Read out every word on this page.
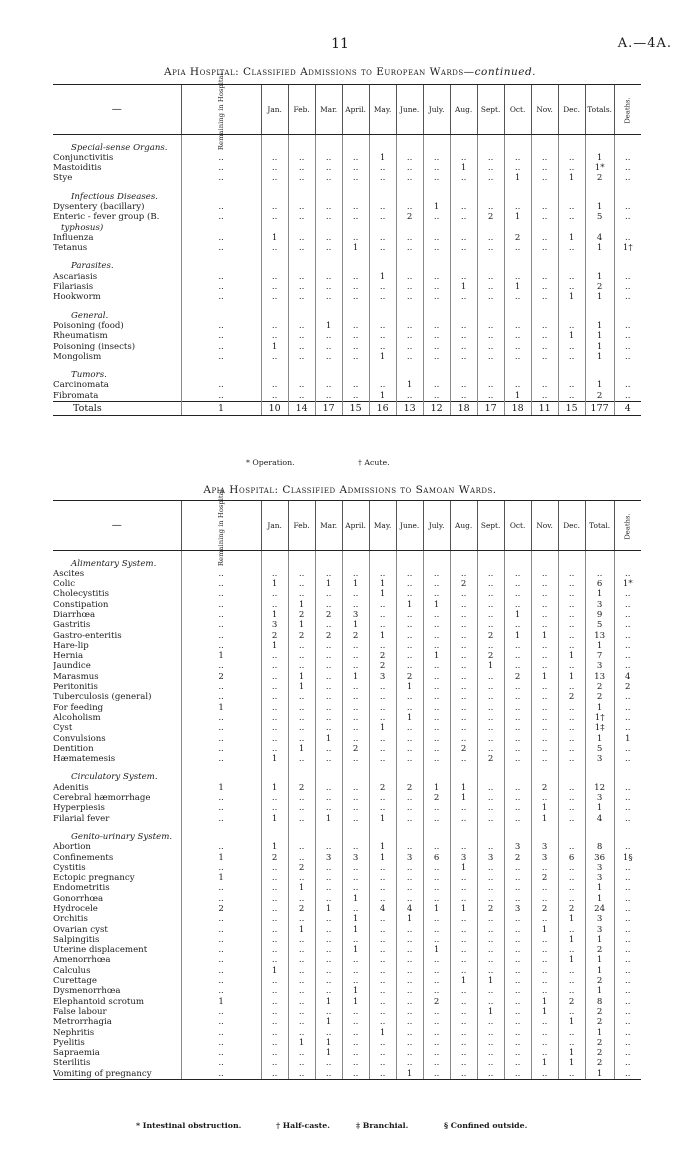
11	A.—4A.
Apia Hospital: Classified Admissions to European Wards—continued.
—	Remaining in Hospital.	Jan.	Feb.	Mar.	April.	May.	June.	July.	Aug.	Sept.	Oct.	Nov.	Dec.	Totals.	Deaths.

Special-sense Organs.															
Conjunctivitis	..	..	..	..	..	1	..	..	..	..	..	..	..	1	..
Mastoiditis	..	..	..	..	..	..	..	..	1	..	..	..	..	1*	..
Stye	..	..	..	..	..	..	..	..	..	..	1	..	1	2	..

Infectious Diseases.															
Dysentery (bacillary)	..	..	..	..	..	..	..	1	..	..	..	..	..	1	..
Enteric - fever group (B.	..	..	..	..	..	..	2	..	..	2	1	..	..	5	..
typhosus)															
Influenza	..	1	..	..	..	..	..	..	..	..	2	..	1	4	..
Tetanus	..	..	..	..	1	..	..	..	..	..	..	..	..	1	1†

Parasites.															
Ascariasis	..	..	..	..	..	1	..	..	..	..	..	..	..	1	..
Filariasis	..	..	..	..	..	..	..	..	1	..	1	..	..	2	..
Hookworm	..	..	..	..	..	..	..	..	..	..	..	..	1	1	..

General.															
Poisoning (food)	..	..	..	1	..	..	..	..	..	..	..	..	..	1	..
Rheumatism	..	..	..	..	..	..	..	..	..	..	..	..	1	1	..
Poisoning (insects)	..	1	..	..	..	..	..	..	..	..	..	..	..	1	..
Mongolism	..	..	..	..	..	1	..	..	..	..	..	..	..	1	..

Tumors.															
Carcinomata	..	..	..	..	..	..	1	..	..	..	..	..	..	1	..
Fibromata	..	..	..	..	..	1	..	..	..	..	1	..	..	2	..
Totals	1	10	14	17	15	16	13	12	18	17	18	11	15	177	4
* Operation.	† Acute.
Apia Hospital: Classified Admissions to Samoan Wards.
—	Remaining in Hospital.	Jan.	Feb.	Mar.	April.	May.	June.	July.	Aug.	Sept.	Oct.	Nov.	Dec.	Total.	Deaths.

Alimentary System.															
Ascites	..	..	..	..	..	..	..	..	..	..	..	..	..	..	..
Colic	..	1	..	1	1	1	..	..	2	..	..	..	..	6	1*
Cholecystitis	..	..	..	..	..	1	..	..	..	..	..	..	..	1	..
Constipation	..	..	1	..	..	..	1	1	..	..	..	..	..	3	..
Diarrhœa	..	1	2	2	3	..	..	..	..	..	1	..	..	9	..
Gastritis	..	3	1	..	1	..	..	..	..	..	..	..	..	5	..
Gastro-enteritis	..	2	2	2	2	1	..	..	..	2	1	1	..	13	..
Hare-lip	..	1	..	..	..	..	..	..	..	..	..	..	..	1	..
Hernia	1	..	..	..	..	2	..	1	..	2	..	..	1	7	..
Jaundice	..	..	..	..	..	2	..	..	..	1	..	..	..	3	..
Marasmus	2	..	1	..	1	3	2	..	..	..	2	1	1	13	4
Peritonitis	..	..	1	..	..	..	1	..	..	..	..	..	..	2	2
Tuberculosis (general)	..	..	..	..	..	..	..	..	..	..	..	..	2	2	..
For feeding	1	..	..	..	..	..	..	..	..	..	..	..	..	1	..
Alcoholism	..	..	..	..	..	..	1	..	..	..	..	..	..	1†	..
Cyst	..	..	..	..	..	1	..	..	..	..	..	..	..	1‡	..
Convulsions	..	..	..	1	..	..	..	..	..	..	..	..	..	1	1
Dentition	..	..	1	..	2	..	..	..	2	..	..	..	..	5	..
Hæmatemesis	..	1	..	..	..	..	..	..	..	2	..	..	..	3	..

Circulatory System.															
Adenitis	1	1	2	..	..	2	2	1	1	..	..	2	..	12	..
Cerebral hæmorrhage	..	..	..	..	..	..	..	2	1	..	..	..	..	3	..
Hyperpiesis	..	..	..	..	..	..	..	..	..	..	..	1	..	1	..
Filarial fever	..	1	..	1	..	1	..	..	..	..	..	1	..	4	..

Genito-urinary System.															
Abortion	..	1	..	..	..	1	..	..	..	..	3	3	..	8	..
Confinements	1	2	..	3	3	1	3	6	3	3	2	3	6	36	1§
Cystitis	..	..	2	..	..	..	..	..	1	..	..	..	..	3	..
Ectopic pregnancy	1	..	..	..	..	..	..	..	..	..	..	2	..	3	..
Endometritis	..	..	1	..	..	..	..	..	..	..	..	..	..	1	..
Gonorrhœa	..	..	..	..	1	..	..	..	..	..	..	..	..	1	..
Hydrocele	2	..	2	1	..	4	4	1	1	2	3	2	2	24	..
Orchitis	..	..	..	..	1	..	1	..	..	..	..	..	1	3	..
Ovarian cyst	..	..	1	..	1	..	..	..	..	..	..	1	..	3	..
Salpingitis	..	..	..	..	..	..	..	..	..	..	..	..	1	1	..
Uterine displacement	..	..	..	..	1	..	..	1	..	..	..	..	..	2	..
Amenorrhœa	..	..	..	..	..	..	..	..	..	..	..	..	1	1	..
Calculus	..	1	..	..	..	..	..	..	..	..	..	..	..	1	..
Curettage	..	..	..	..	..	..	..	..	1	1	..	..	..	2	..
Dysmenorrhœa	..	..	..	..	1	..	..	..	..	..	..	..	..	1	..
Elephantoid scrotum	1	..	..	1	1	..	..	2	..	..	..	1	2	8	..
False labour	..	..	..	..	..	..	..	..	..	1	..	1	..	2	..
Metrorrhagia	..	..	..	1	..	..	..	..	..	..	..	..	1	2	..
Nephritis	..	..	..	..	..	1	..	..	..	..	..	..	..	1	..
Pyelitis	..	..	1	1	..	..	..	..	..	..	..	..	..	2	..
Sapraemia	..	..	..	1	..	..	..	..	..	..	..	..	1	2	..
Sterilitis	..	..	..	..	..	..	..	..	..	..	..	1	1	2	..
Vomiting of pregnancy	..	..	..	..	..	..	1	..	..	..	..	..	..	1	..
* Intestinal obstruction.	† Half-caste.	‡ Branchial.	§ Confined outside.
